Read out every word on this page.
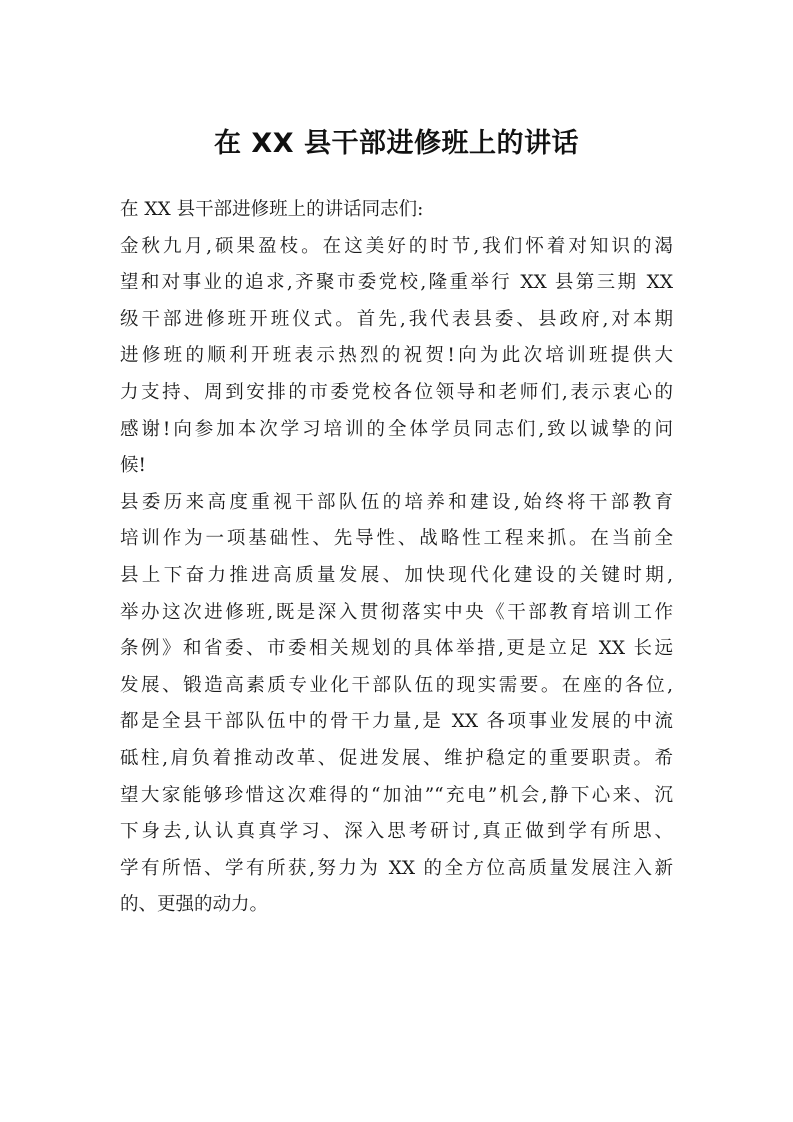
在 XX 县干部进修班上的讲话
在 XX 县干部进修班上的讲话同志们:
金秋九月,硕果盈枝。在这美好的时节,我们怀着对知识的渴
望和对事业的追求,齐聚市委党校,隆重举行 XX 县第三期 XX
级干部进修班开班仪式。首先,我代表县委、县政府,对本期
进修班的顺利开班表示热烈的祝贺!向为此次培训班提供大
力支持、周到安排的市委党校各位领导和老师们,表示衷心的
感谢!向参加本次学习培训的全体学员同志们,致以诚挚的问
候!
县委历来高度重视干部队伍的培养和建设,始终将干部教育
培训作为一项基础性、先导性、战略性工程来抓。在当前全
县上下奋力推进高质量发展、加快现代化建设的关键时期,
举办这次进修班,既是深入贯彻落实中央《干部教育培训工作
条例》和省委、市委相关规划的具体举措,更是立足 XX 长远
发展、锻造高素质专业化干部队伍的现实需要。在座的各位,
都是全县干部队伍中的骨干力量,是 XX 各项事业发展的中流
砥柱,肩负着推动改革、促进发展、维护稳定的重要职责。希
望大家能够珍惜这次难得的“加油”“充电”机会,静下心来、沉
下身去,认认真真学习、深入思考研讨,真正做到学有所思、
学有所悟、学有所获,努力为 XX 的全方位高质量发展注入新
的、更强的动力。
